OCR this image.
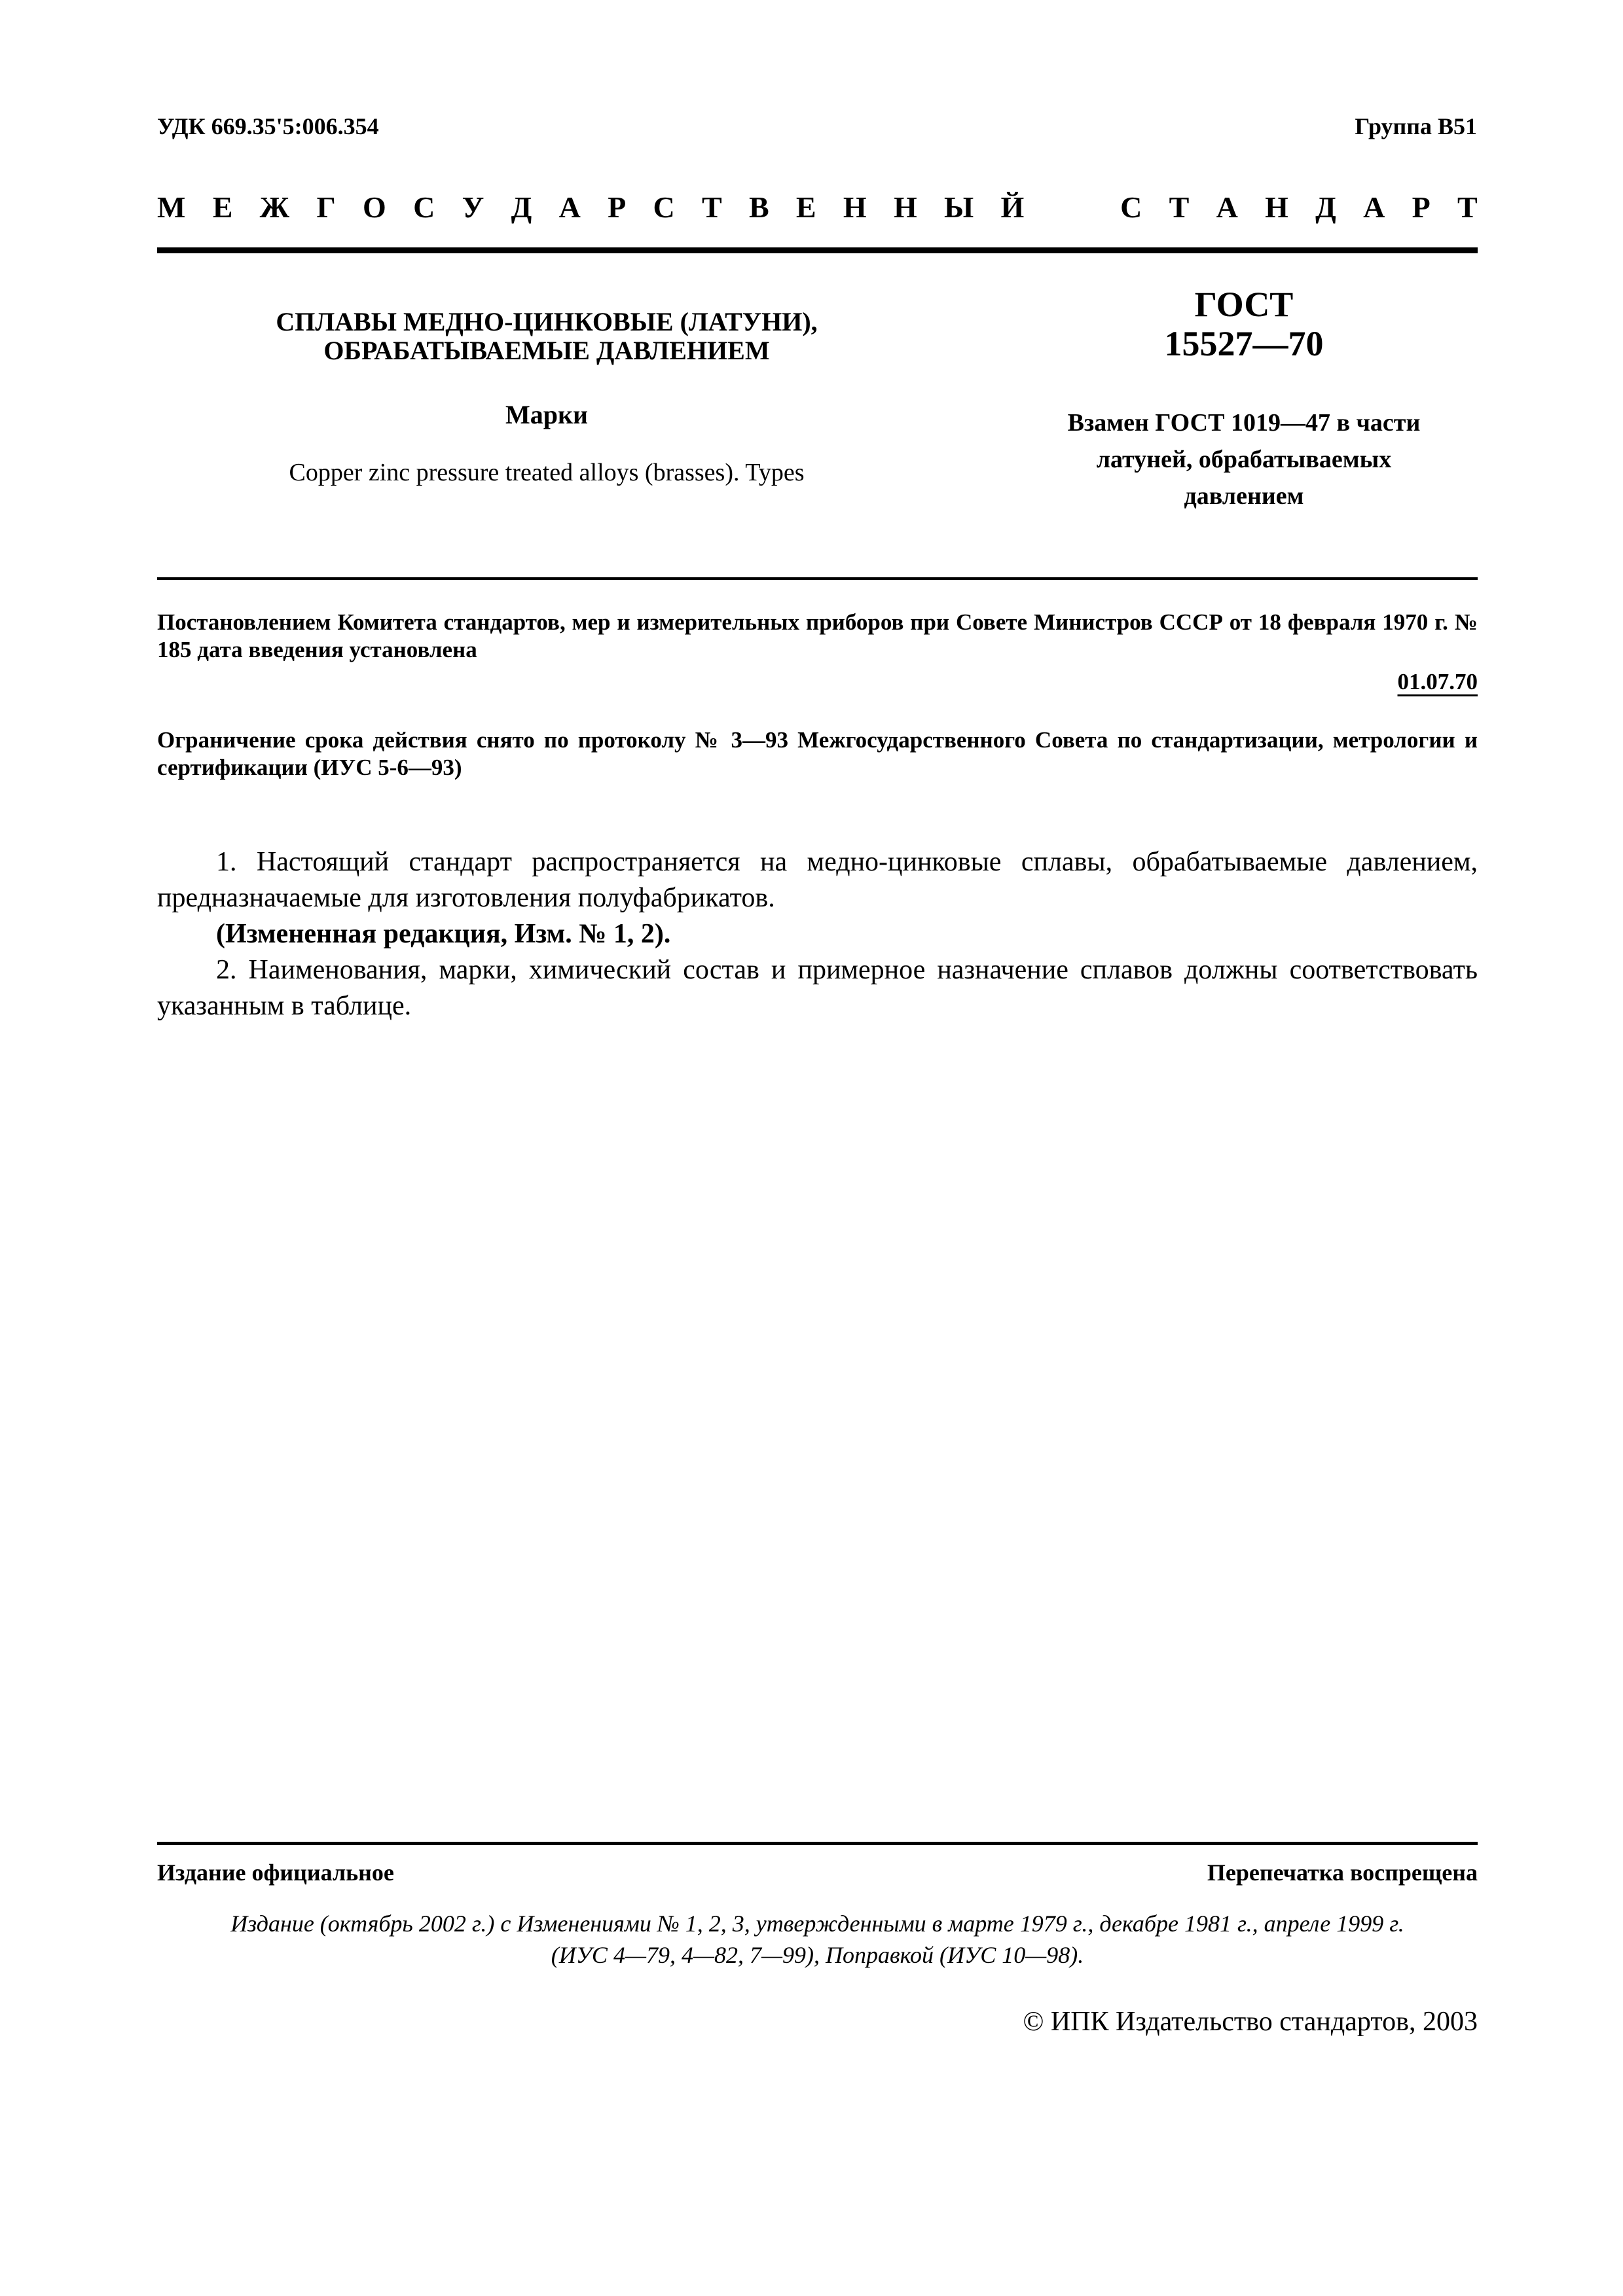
УДК 669.35'5:006.354	Группа В51
М Е Ж Г О С У Д А Р С Т В Е Н Н Ы Й

	С Т А Н Д А Р Т
СПЛАВЫ МЕДНО-ЦИНКОВЫЕ (ЛАТУНИ),
ОБРАБАТЫВАЕМЫЕ ДАВЛЕНИЕМ
Марки
Copper zinc pressure treated alloys (brasses). Types
ГОСТ
15527—70
Взамен ГОСТ 1019—47 в части
латуней, обрабатываемых
давлением
Постановлением Комитета стандартов, мер и измерительных приборов при Совете Министров СССР от 18 февраля 1970 г. № 185 дата введения установлена
01.07.70
Ограничение срока действия снято по протоколу № 3—93 Межгосударственного Совета по стандартизации, метрологии и сертификации (ИУС 5-6—93)

1. Настоящий стандарт распространяется на медно-цинковые сплавы, обрабатываемые давлением, предназначаемые для изготовления полуфабрикатов.

(Измененная редакция, Изм. № 1, 2).

2. Наименования, марки, химический состав и примерное назначение сплавов должны соответствовать указанным в таблице.

Издание официальное	Перепечатка воспрещена
Издание (октябрь 2002 г.) с Изменениями № 1, 2, 3, утвержденными в марте 1979 г., декабре 1981 г., апреле 1999 г.
(ИУС 4—79, 4—82, 7—99), Поправкой (ИУС 10—98).
© ИПК Издательство стандартов, 2003
